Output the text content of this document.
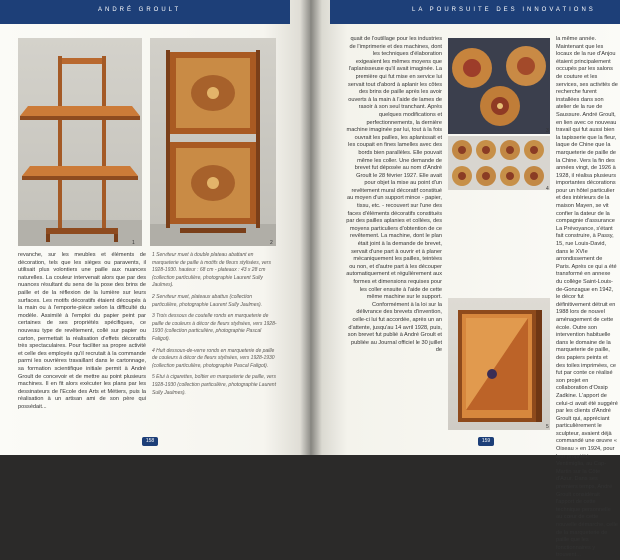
ANDRÉ GROULT
1	2

revanche, sur les meubles et éléments de décoration, tels que les sièges ou paravents, il utilisait plus volontiers une paille aux nuances naturelles. La couleur intervenait alors que par des nuances résultant du sens de la pose des brins de paille et de la réflexion de la lumière sur leurs surfaces. Les motifs décoratifs étaient découpés à la main ou à l'emporte-pièce selon la difficulté du modèle. Assimilé à l'emploi du papier peint par certaines de ses propriétés spécifiques, ce nouveau type de revêtement, collé sur papier ou carton, permettait la réalisation d'effets décoratifs très spectaculaires. Pour faciliter sa propre activité et celle des employés qu'il recrutait à la commande parmi les ouvrières travaillant dans le cartonnage, sa formation scientifique initiale permit à André Groult de concevoir et de mettre au point plusieurs machines. Il en fit alors exécuter les plans par les dessinateurs de l'Ecole des Arts et Métiers, puis la réalisation à un artisan ami de son père qui possédait...

1 Serviteur muet à double plateau abattant en marqueterie de paille à motifs de fleurs stylisées, vers 1928-1930. hauteur : 68 cm - plateaux : 43 x 28 cm (collection particulière, photographie Laurent Sully Jaulmes).

2 Serviteur muet, plateaux abattus (collection particulière, photographie Laurent Sully Jaulmes).

3 Trois dessous de coutelle ronds en marqueterie de paille de couleurs à décor de fleurs stylisées, vers 1928-1930 (collection particulière, photographie Pascal Faligot).

4 Huit dessous-de-verre ronds en marqueterie de paille de couleurs à décor de fleurs stylisées, vers 1928-1930 (collection particulière, photographie Pascal Faligot).

5 Etui à cigarettes, boîtier en marqueterie de paille, vers 1928-1930 (collection particulière, photographie Laurent Sully Jaulmes).

158
LA POURSUITE DES INNOVATIONS

quait de l'outillage pour les industries de l'imprimerie et des machines, dont les techniques d'élaboration exigeaient les mêmes moyens que l'aplanisseuse qu'il avait imaginée. La première qui fut mise en service lui servait tout d'abord à aplanir les côtes des brins de paille après les avoir ouverts à la main à l'aide de lames de rasoir à son seul tranchant. Après quelques modifications et perfectionnements, la dernière machine imaginée par lui, tout à la fois ouvrait les pailles, les aplanissait et les coupait en fines lamelles avec des bords bien parallèles. Elle pouvait même les coller. Une demande de brevet fut déposée au nom d'André Groult le 28 février 1927. Elle avait pour objet la mise au point d'un revêtement mural décoratif constitué au moyen d'un support mince - papier, tissu, etc. - recouvert sur l'une des faces d'éléments décoratifs constitués par des pailles aplanies et collées, des moyens particuliers d'obtention de ce revêtement. La machine, dont le plan était joint à la demande de brevet, servait d'une part à ouvrir et à planer mécaniquement les pailles, teintées ou non, et d'autre part à les découper automatiquement et régulièrement aux formes et dimensions requises pour les coller ensuite à l'aide de cette même machine sur le support. Conformément à la loi sur la délivrance des brevets d'invention, celle-ci lui fut accordée, après un an d'attente, jusqu'au 14 avril 1928, puis, son brevet fut publié à André Groult et publiée au Journal officiel le 30 juillet de

3
4

la même année. Maintenant que les locaux de la rue d'Anjou étaient principalement occupés par les salons de couture et les services, ses activités de recherche furent installées dans son atelier de la rue de Saussure. André Groult, en lien avec ce nouveau travail qui fut aussi bien la tapisserie que la fleur, laque de Chine que la marqueterie de paille de la Chine. Vers la fin des années vingt, de 1926 à 1928, il réalisa plusieurs importantes décorations pour un hôtel particulier et des intérieurs de la maison Mayen, se vit confier la dateur de la compagnie d'assurance La Prévoyance, s'étant fait construire, à Passy, 15, rue Louis-David, dans le XVIe arrondissement de Paris. Après ce qui a été transformé en annexe du collège Saint-Louis-de-Gonzague en 1942, le décor fut définitivement détruit en 1988 lors de nouvel aménagement de cette école. Outre son intervention habituelle dans le domaine de la marqueterie de paille, des papiers peints et des toiles imprimées, ce fut par conte ce réalisé son projet en collaboration d'Ossip Zadkine. L'apport de celui-ci avait été suggéré par les clients d'André Groult qui, appréciant particulièrement le sculpteur, avaient déjà commandé une œuvre « Oiseau » en 1924, pour leur propriété Ventimiglia, au Cap-Martin sur la Côte d'Azur. Dans ses premiers temps, André Groult considérait l'apport de cette technique personnelle au cœur de cette nouvelle démarche, celle de la marqueterie de paille que les fonctionnaires y trouvent...

5
159
